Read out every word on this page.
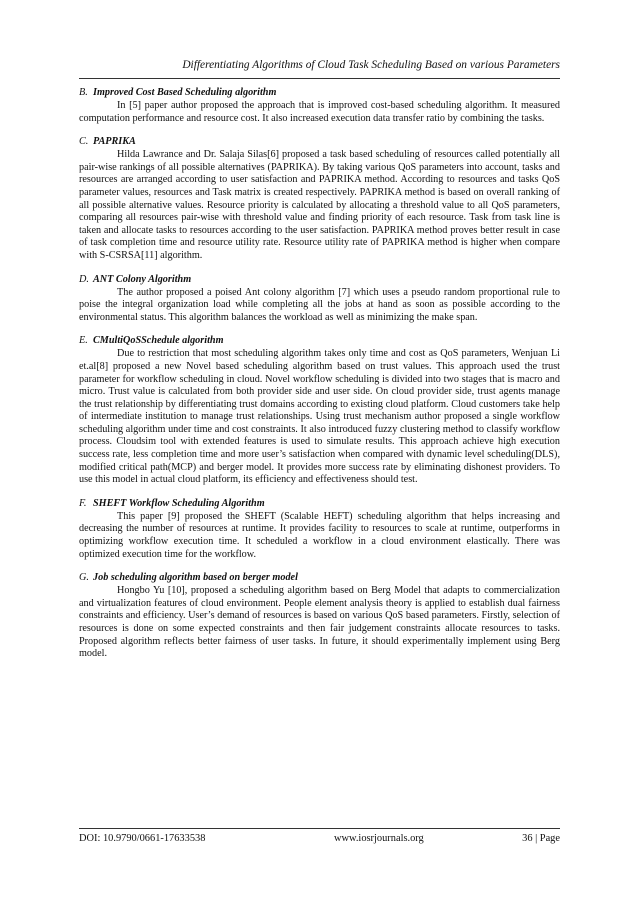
Differentiating Algorithms of Cloud Task Scheduling Based on various Parameters
B. Improved Cost Based Scheduling algorithm

In [5] paper author proposed the approach that is improved cost-based scheduling algorithm. It measured computation performance and resource cost. It also increased execution data transfer ratio by combining the tasks.

C. PAPRIKA

Hilda Lawrance and Dr. Salaja Silas[6] proposed a task based scheduling of resources called potentially all pair-wise rankings of all possible alternatives (PAPRIKA). By taking various QoS parameters into account, tasks and resources are arranged according to user satisfaction and PAPRIKA method. According to resources and tasks QoS parameter values, resources and Task matrix is created respectively. PAPRIKA method is based on overall ranking of all possible alternative values. Resource priority is calculated by allocating a threshold value to all QoS parameters, comparing all resources pair-wise with threshold value and finding priority of each resource. Task from task line is taken and allocate tasks to resources according to the user satisfaction. PAPRIKA method proves better result in case of task completion time and resource utility rate. Resource utility rate of PAPRIKA method is higher when compare with S-CSRSA[11] algorithm.

D. ANT Colony Algorithm

The author proposed a poised Ant colony algorithm [7] which uses a pseudo random proportional rule to poise the integral organization load while completing all the jobs at hand as soon as possible according to the environmental status. This algorithm balances the workload as well as minimizing the make span.

E. CMultiQoSSchedule algorithm

Due to restriction that most scheduling algorithm takes only time and cost as QoS parameters, Wenjuan Li et.al[8] proposed a new Novel based scheduling algorithm based on trust values. This approach used the trust parameter for workflow scheduling in cloud. Novel workflow scheduling is divided into two stages that is macro and micro. Trust value is calculated from both provider side and user side. On cloud provider side, trust agents manage the trust relationship by differentiating trust domains according to existing cloud platform. Cloud customers take help of intermediate institution to manage trust relationships. Using trust mechanism author proposed a single workflow scheduling algorithm under time and cost constraints. It also introduced fuzzy clustering method to classify workflow process. Cloudsim tool with extended features is used to simulate results. This approach achieve high execution success rate, less completion time and more user’s satisfaction when compared with dynamic level scheduling(DLS), modified critical path(MCP) and berger model. It provides more success rate by eliminating dishonest providers. To use this model in actual cloud platform, its efficiency and effectiveness should test.

F. SHEFT Workflow Scheduling Algorithm

This paper [9] proposed the SHEFT (Scalable HEFT) scheduling algorithm that helps increasing and decreasing the number of resources at runtime. It provides facility to resources to scale at runtime, outperforms in optimizing workflow execution time. It scheduled a workflow in a cloud environment elastically. There was optimized execution time for the workflow.

G. Job scheduling algorithm based on berger model

Hongbo Yu [10], proposed a scheduling algorithm based on Berg Model that adapts to commercialization and virtualization features of cloud environment. People element analysis theory is applied to establish dual fairness constraints and efficiency. User’s demand of resources is based on various QoS based parameters. Firstly, selection of resources is done on some expected constraints and then fair judgement constraints allocate resources to tasks. Proposed algorithm reflects better fairness of user tasks. In future, it should experimentally implement using Berg model.

DOI: 10.9790/0661-17633538	www.iosrjournals.org	36 | Page
